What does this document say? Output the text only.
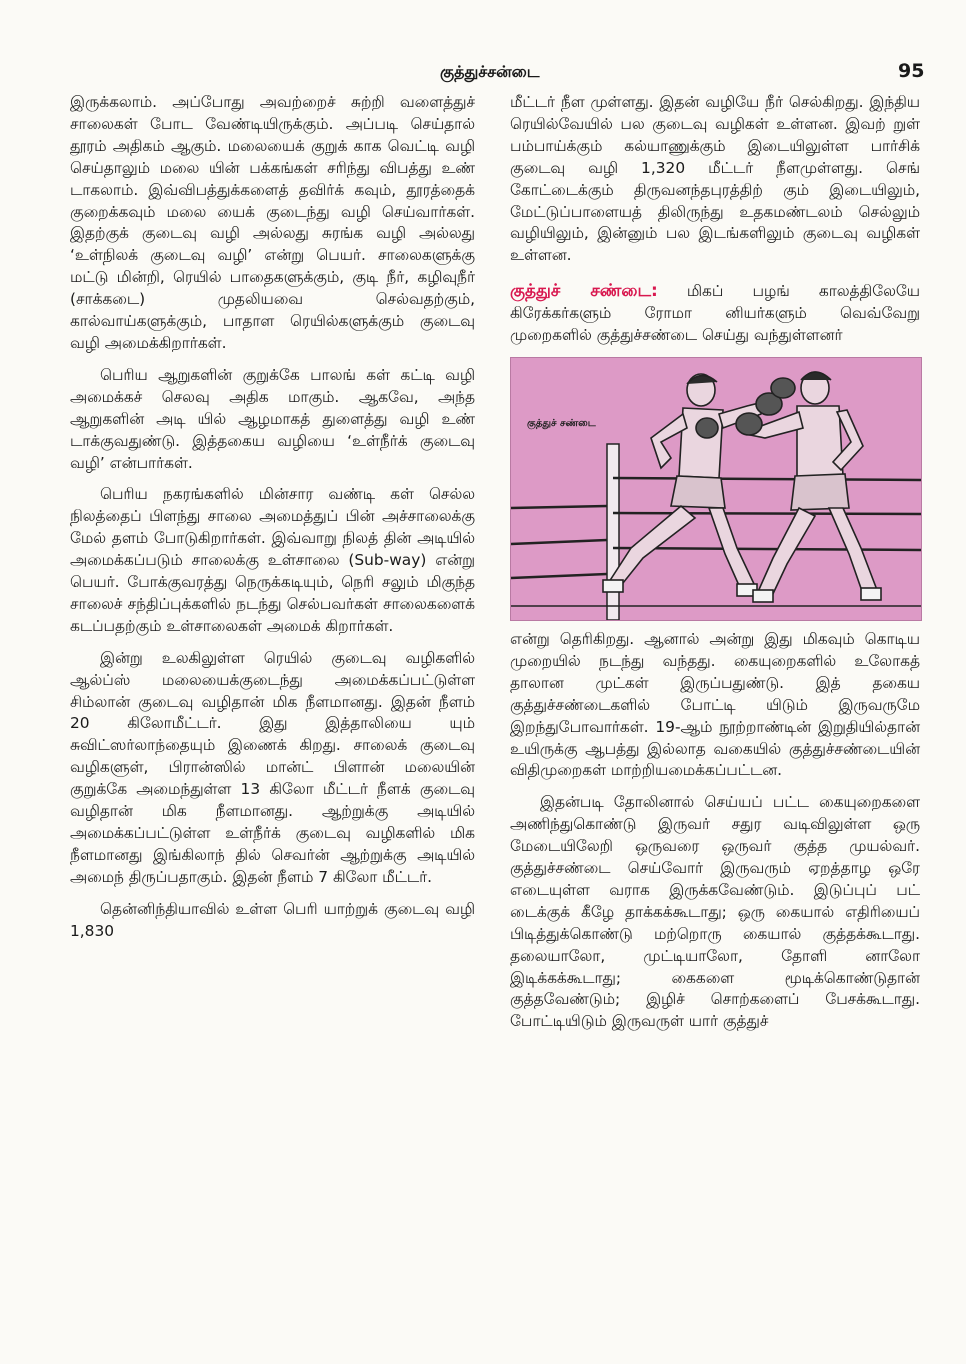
குத்துச்சன்டை	95

இருக்கலாம். அப்போது அவற்றைச் சுற்றி வளைத்துச் சாலைகள் போட வேண்டியிருக்கும். அப்படி செய்தால் தூரம் அதிகம் ஆகும். மலையைக் குறுக் காக வெட்டி வழி செய்தாலும் மலை யின் பக்கங்கள் சரிந்து விபத்து உண் டாகலாம். இவ்விபத்துக்களைத் தவிர்க் கவும், தூரத்தைக் குறைக்கவும் மலை யைக் குடைந்து வழி செய்வார்கள். இதற்குக் குடைவு வழி அல்லது சுரங்க வழி அல்லது ‘உள்நிலக் குடைவு வழி’ என்று பெயர். சாலைகளுக்கு மட்டு மின்றி, ரெயில் பாதைகளுக்கும், குடி நீர், கழிவுநீர் (சாக்கடை) முதலியவை செல்வதற்கும், கால்வாய்களுக்கும், பாதாள ரெயில்களுக்கும் குடைவு வழி அமைக்கிறார்கள்.

பெரிய ஆறுகளின் குறுக்கே பாலங் கள் கட்டி வழி அமைக்கச் செலவு அதிக மாகும். ஆகவே, அந்த ஆறுகளின் அடி யில் ஆழமாகத் துளைத்து வழி உண் டாக்குவதுண்டு. இத்தகைய வழியை ‘உள்நீர்க் குடைவு வழி’ என்பார்கள்.

பெரிய நகரங்களில் மின்சார வண்டி கள் செல்ல நிலத்தைப் பிளந்து சாலை அமைத்துப் பின் அச்சாலைக்கு மேல் தளம் போடுகிறார்கள். இவ்வாறு நிலத் தின் அடியில் அமைக்கப்படும் சாலைக்கு உள்சாலை (Sub-way) என்று பெயர். போக்குவரத்து நெருக்கடியும், நெரி சலும் மிகுந்த சாலைச் சந்திப்புக்களில் நடந்து செல்பவர்கள் சாலைகளைக் கடப்பதற்கும் உள்சாலைகள் அமைக் கிறார்கள்.

இன்று உலகிலுள்ள ரெயில் குடைவு வழிகளில் ஆல்ப்ஸ் மலையைக்குடைந்து அமைக்கப்பட்டுள்ள சிம்லான் குடைவு வழிதான் மிக நீளமானது. இதன் நீளம் 20 கிலோமீட்டர். இது இத்தாலியை யும் சுவிட்ஸர்லாந்தையும் இணைக் கிறது. சாலைக் குடைவு வழிகளுள், பிரான்ஸில் மான்ட் பிளான் மலையின் குறுக்கே அமைந்துள்ள 13 கிலோ மீட்டர் நீளக் குடைவு வழிதான் மிக நீளமானது. ஆற்றுக்கு அடியில் அமைக்கப்பட்டுள்ள உள்நீர்க் குடைவு வழிகளில் மிக நீளமானது இங்கிலாந் தில் செவர்ன் ஆற்றுக்கு அடியில் அமைந் திருப்பதாகும். இதன் நீளம் 7 கிலோ மீட்டர்.

தென்னிந்தியாவில் உள்ள பெரி யாற்றுக் குடைவு வழி 1,830

மீட்டர் நீள முள்ளது. இதன் வழியே நீர் செல்கிறது. இந்திய ரெயில்வேயில் பல குடைவு வழிகள் உள்ளன. இவற் றுள் பம்பாய்க்கும் கல்யாணுக்கும் இடையிலுள்ள பார்சிக் குடைவு வழி 1,320 மீட்டர் நீளமுள்ளது. செங் கோட்டைக்கும் திருவனந்தபுரத்திற் கும் இடையிலும், மேட்டுப்பாளையத் திலிருந்து உதகமண்டலம் செல்லும் வழியிலும், இன்னும் பல இடங்களிலும் குடைவு வழிகள் உள்ளன.

குத்துச் சண்டை: மிகப் பழங் காலத்திலேயே கிரேக்கர்களும் ரோமா னியர்களும் வெவ்வேறு முறைகளில் குத்துச்சண்டை செய்து வந்துள்ளனர்

குத்துச் சண்டை

என்று தெரிகிறது. ஆனால் அன்று இது மிகவும் கொடிய முறையில் நடந்து வந்தது. கையுறைகளில் உலோகத் தாலான முட்கள் இருப்பதுண்டு. இத் தகைய குத்துச்சண்டைகளில் போட்டி யிடும் இருவருமே இறந்துபோவார்கள். 19-ஆம் நூற்றாண்டின் இறுதியில்தான் உயிருக்கு ஆபத்து இல்லாத வகையில் குத்துச்சண்டையின் விதிமுறைகள் மாற்றியமைக்கப்பட்டன.

இதன்படி தோலினால் செய்யப் பட்ட கையுறைகளை அணிந்துகொண்டு இருவர் சதுர வடிவிலுள்ள ஒரு மேடையிலேறி ஒருவரை ஒருவர் குத்த முயல்வர். குத்துச்சண்டை செய்வோர் இருவரும் ஏறத்தாழ ஒரே எடையுள்ள வராக இருக்கவேண்டும். இடுப்புப் பட் டைக்குக் கீழே தாக்கக்கூடாது; ஒரு கையால் எதிரியைப் பிடித்துக்கொண்டு மற்றொரு கையால் குத்தக்கூடாது. தலையாலோ, முட்டியாலோ, தோளி னாலோ இடிக்கக்கூடாது; கைகளை மூடிக்கொண்டுதான் குத்தவேண்டும்; இழிச் சொற்களைப் பேசக்கூடாது. போட்டியிடும் இருவருள் யார் குத்துச்
